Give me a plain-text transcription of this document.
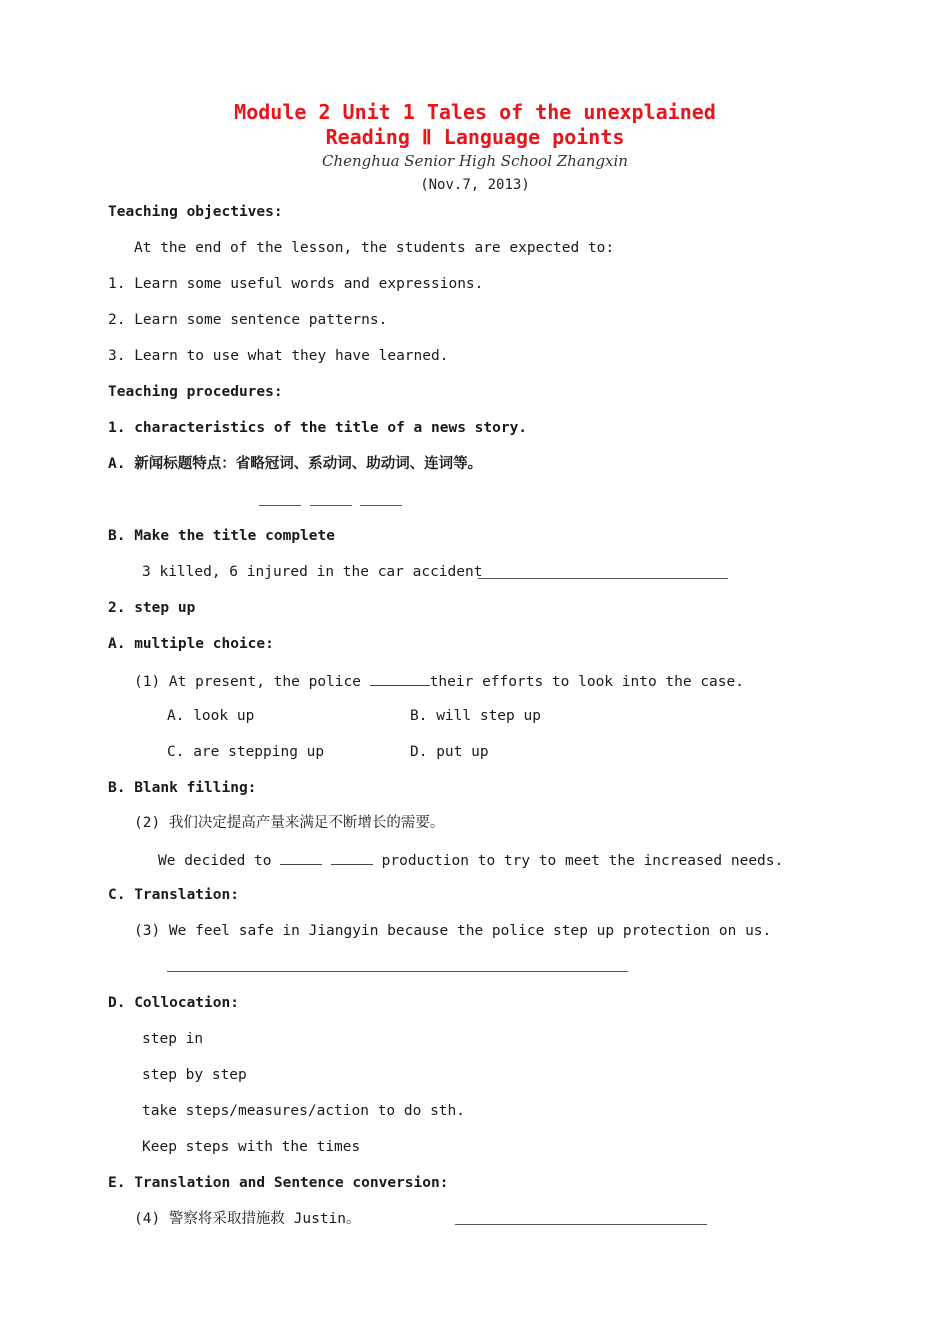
Module 2 Unit 1 Tales of the unexplained
Reading Ⅱ Language points
Chenghua Senior High School Zhangxin
(Nov.7, 2013)
Teaching objectives:
At the end of the lesson, the students are expected to:
1. Learn some useful words and expressions.
2. Learn some sentence patterns.
3. Learn to use what they have learned.
Teaching procedures:
1. characteristics of the title of a news story.
A. 新闻标题特点：省略冠词、系动词、助动词、连词等。
B. Make the title complete
3 killed, 6 injured in the car accident
2. step up
A. multiple choice:
(1) At present, the police	their efforts to look into the case.
A. look up	B. will step up
C. are stepping up	D. put up
B. Blank filling:
(2) 我们决定提高产量来满足不断增长的需要。
We decided to	production to try to meet the increased needs.
C. Translation:
(3) We feel safe in Jiangyin because the police step up protection on us.
D. Collocation:
step in
step by step
take steps/measures/action to do sth.
Keep steps with the times
E. Translation and Sentence conversion:
(4) 警察将采取措施救 Justin。
